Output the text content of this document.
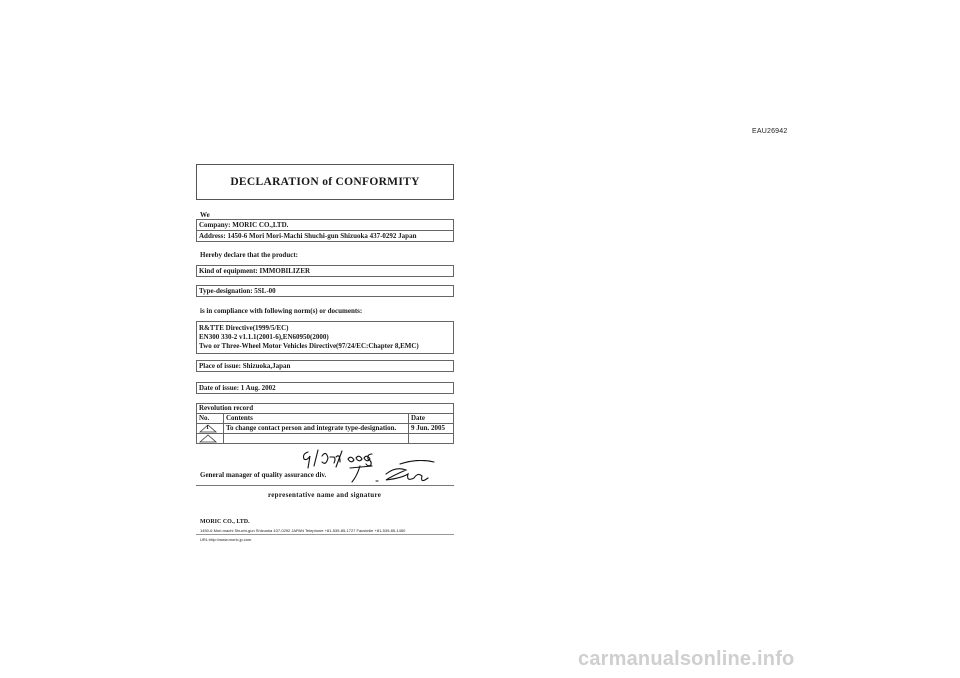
EAU26942
DECLARATION of CONFORMITY
We
Company: MORIC CO.,LTD.
Address: 1450-6 Mori Mori-Machi Shuchi-gun Shizuoka 437-0292 Japan
Hereby declare that the product:
Kind of equipment: IMMOBILIZER
Type-designation: 5SL-00
is in compliance with following norm(s) or documents:
R&TTE Directive(1999/5/EC)
EN300 330-2 v1.1.1(2001-6),EN60950(2000)
Two or Three-Wheel Motor Vehicles Directive(97/24/EC:Chapter 8,EMC)
Place of issue: Shizuoka,Japan
Date of issue: 1 Aug. 2002
Revolution record		
No.	Contents	Date

1	To change contact person and integrate type-designation.	9 Jun. 2005

General manager of quality assurance div.
representative name and signature
MORIC CO., LTD.
1450-6 Mori-machi Shuchi-gun Shizuoka 437-0292 JAPAN Telephone +81-539-85-1727 Facsimile +81-539-85-1450
URL:http://www.moric.jp.com
carmanualsonline.info
